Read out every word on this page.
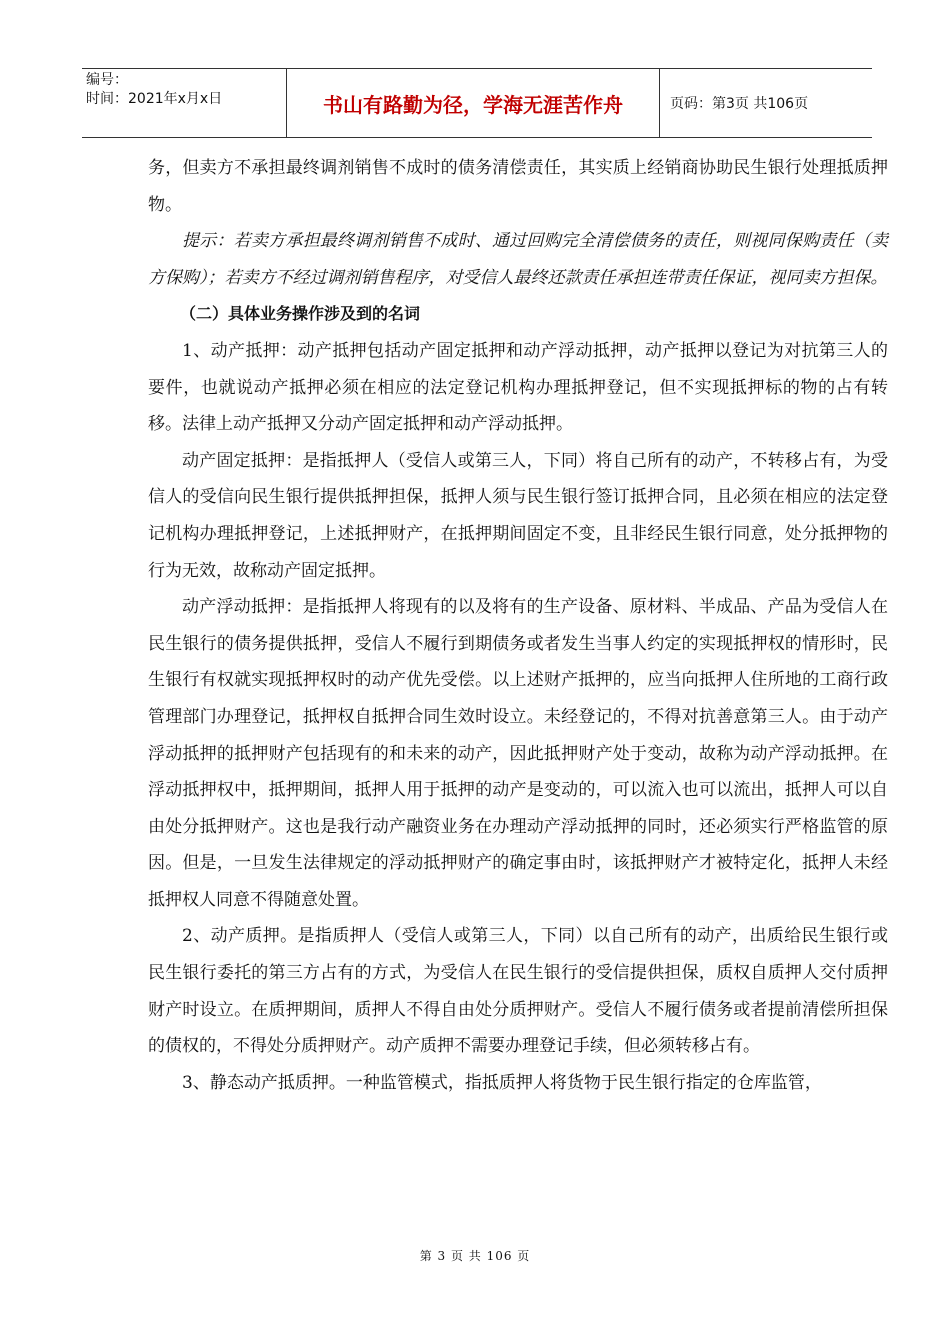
编号：
时间：2021年x月x日	书山有路勤为径，学海无涯苦作舟	页码：第3页 共106页

务，但卖方不承担最终调剂销售不成时的债务清偿责任，其实质上经销商协助民生银行处理抵质押物。

提示：若卖方承担最终调剂销售不成时、通过回购完全清偿债务的责任，则视同保购责任（卖方保购）；若卖方不经过调剂销售程序，对受信人最终还款责任承担连带责任保证，视同卖方担保。

（二）具体业务操作涉及到的名词

1、动产抵押：动产抵押包括动产固定抵押和动产浮动抵押，动产抵押以登记为对抗第三人的要件，也就说动产抵押必须在相应的法定登记机构办理抵押登记，但不实现抵押标的物的占有转移。法律上动产抵押又分动产固定抵押和动产浮动抵押。

动产固定抵押：是指抵押人（受信人或第三人，下同）将自己所有的动产，不转移占有，为受信人的受信向民生银行提供抵押担保，抵押人须与民生银行签订抵押合同，且必须在相应的法定登记机构办理抵押登记，上述抵押财产，在抵押期间固定不变，且非经民生银行同意，处分抵押物的行为无效，故称动产固定抵押。

动产浮动抵押：是指抵押人将现有的以及将有的生产设备、原材料、半成品、产品为受信人在民生银行的债务提供抵押，受信人不履行到期债务或者发生当事人约定的实现抵押权的情形时，民生银行有权就实现抵押权时的动产优先受偿。以上述财产抵押的，应当向抵押人住所地的工商行政管理部门办理登记，抵押权自抵押合同生效时设立。未经登记的，不得对抗善意第三人。由于动产浮动抵押的抵押财产包括现有的和未来的动产，因此抵押财产处于变动，故称为动产浮动抵押。在浮动抵押权中，抵押期间，抵押人用于抵押的动产是变动的，可以流入也可以流出，抵押人可以自由处分抵押财产。这也是我行动产融资业务在办理动产浮动抵押的同时，还必须实行严格监管的原因。但是，一旦发生法律规定的浮动抵押财产的确定事由时，该抵押财产才被特定化，抵押人未经抵押权人同意不得随意处置。

2、动产质押。是指质押人（受信人或第三人，下同）以自己所有的动产，出质给民生银行或民生银行委托的第三方占有的方式，为受信人在民生银行的受信提供担保，质权自质押人交付质押财产时设立。在质押期间，质押人不得自由处分质押财产。受信人不履行债务或者提前清偿所担保的债权的，不得处分质押财产。动产质押不需要办理登记手续，但必须转移占有。

3、静态动产抵质押。一种监管模式，指抵质押人将货物于民生银行指定的仓库监管，

第 3 页 共 106 页
